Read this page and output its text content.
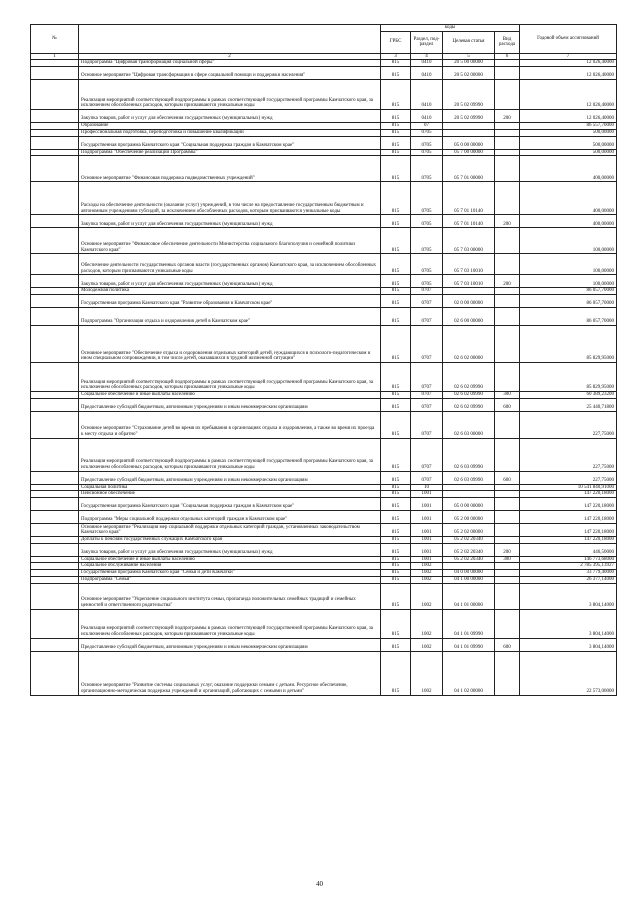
№		коды				Годовой объем ассигнований
		ГРБС	Раздел, под-раздел	Целевая статья	Вид расхода	
1	2	3	4	5	6	7
	Подпрограмма "Цифровая трансформация социальной сферы"	815	0410	20 5 00 00000		12 026,40000
	Основное мероприятие "Цифровая трансформация в сфере социальной помощи и поддержки населения"	815	0410	20 5 02 00000		12 026,40000
	Реализация мероприятий соответствующей подпрограммы в рамках соответствующей государственной программы Камчатского края, за исключением обособленных расходов, которым присваиваются уникальные коды	815	0410	20 5 02 09990		12 026,40000
	Закупка товаров, работ и услуг для обеспечения государственных (муниципальных) нужд	815	0410	20 5 02 09990	200	12 026,40000
	Образование	815	07			86 557,70000
	Профессиональная подготовка, переподготовка и повышение квалификации	815	0705			500,00000
	Государственная программа Камчатского края "Социальная поддержка граждан в Камчатском крае"	815	0705	05 0 00 00000		500,00000
	Подпрограмма "Обеспечение реализации Программы"	815	0705	05 7 00 00000		500,00000
	Основное мероприятие "Финансовая поддержка подведомственных учреждений"	815	0705	05 7 01 00000		400,00000
	Расходы на обеспечение деятельности (оказание услуг) учреждений, в том числе на предоставление государственным бюджетным и автономным учреждениям субсидий, за исключением обособленных расходов, которым присваиваются уникальные коды	815	0705	05 7 01 10140		400,00000
	Закупка товаров, работ и услуг для обеспечения государственных (муниципальных) нужд	815	0705	05 7 01 10140	200	400,00000
	Основное мероприятие "Финансовое обеспечение деятельности Министерства социального благополучия и семейной политики Камчатского края"	815	0705	05 7 03 00000		100,00000
	Обеспечение деятельности государственных органов власти (государственных органов) Камчатского края, за исключением обособленных расходов, которым присваиваются уникальные коды	815	0705	05 7 03 10010		100,00000
	Закупка товаров, работ и услуг для обеспечения государственных (муниципальных) нужд	815	0705	05 7 03 10010	200	100,00000
	Молодежная политика	815	0707			86 057,70000
	Государственная программа Камчатского края "Развитие образования в Камчатском крае"	815	0707	02 0 00 00000		86 057,70000
	Подпрограмма "Организация отдыха и оздоровления детей в Камчатском крае"	815	0707	02 6 00 00000		86 057,70000
	Основное мероприятие "Обеспечение отдыха и оздоровления отдельных категорий детей, нуждающихся в психолого-педагогическом и ином специальном сопровождении, в том числе детей, оказавшихся в трудной жизненной ситуации"	815	0707	02 6 02 00000		85 829,95000
	Реализация мероприятий соответствующей подпрограммы в рамках соответствующей государственной программы Камчатского края, за исключением обособленных расходов, которым присваиваются уникальные коды	815	0707	02 6 02 09990		85 829,95000
	Социальное обеспечение и иные выплаты населению	815	0707	02 6 02 09990	300	60 389,23200
	Предоставление субсидий бюджетным, автономным учреждениям и иным некоммерческим организациям	815	0707	02 6 02 09990	600	25 440,71800
	Основное мероприятие "Страхование детей во время их пребывания в организациях отдыха и оздоровления, а также во время их проезда к месту отдыха и обратно"	815	0707	02 6 03 00000		227,75000
	Реализация мероприятий соответствующей подпрограммы в рамках соответствующей государственной программы Камчатского края, за исключением обособленных расходов, которым присваиваются уникальные коды	815	0707	02 6 03 09990		227,75000
	Предоставление субсидий бюджетным, автономным учреждениям и иным некоммерческим организациям	815	0707	02 6 03 09990	600	227,75000
	Социальная политика	815	10			10 541 840,91000
	Пенсионное обеспечение	815	1001			147 220,18000
	Государственная программа Камчатского края "Социальная поддержка граждан в Камчатском крае"	815	1001	05 0 00 00000		147 220,18000
	Подпрограмма "Меры социальной поддержки отдельных категорий граждан в Камчатском крае"	815	1001	05 2 00 00000		147 220,18000
	Основное мероприятие "Реализация мер социальной поддержки отдельных категорий граждан, установленных законодательством Камчатского края"	815	1001	05 2 02 00000		147 220,18000
	Доплаты к пенсиям государственных служащих Камчатского края	815	1001	05 2 02 20340		147 220,18000
	Закупка товаров, работ и услуг для обеспечения государственных (муниципальных) нужд	815	1001	05 2 02 20340	200	446,50000
	Социальное обеспечение и иные выплаты населению	815	1001	05 2 02 20340	300	146 773,68000
	Социальное обслуживание населения	815	1002			2 785 395,13927
	Государственная программа Камчатского края "Семья и дети Камчатки"	815	1002	04 0 00 00000		33 779,40000
	Подпрограмма "Семья"	815	1002	04 1 00 00000		26 377,14000
	Основное мероприятие "Укрепление социального института семьи, пропаганда положительных семейных традиций и семейных ценностей и ответственного родительства"	815	1002	04 1 01 00000		3 804,14000
	Реализация мероприятий соответствующей подпрограммы в рамках соответствующей государственной программы Камчатского края, за исключением обособленных расходов, которым присваиваются уникальные коды	815	1002	04 1 01 09990		3 804,14000
	Предоставление субсидий бюджетным, автономным учреждениям и иным некоммерческим организациям	815	1002	04 1 01 09990	600	3 804,14000
	Основное мероприятие "Развитие системы социальных услуг, оказание поддержки семьям с детьми. Ресурсное обеспечение, организационно-методическая поддержка учреждений и организаций, работающих с семьями и детьми"	815	1002	04 1 02 00000		22 573,00000
40
